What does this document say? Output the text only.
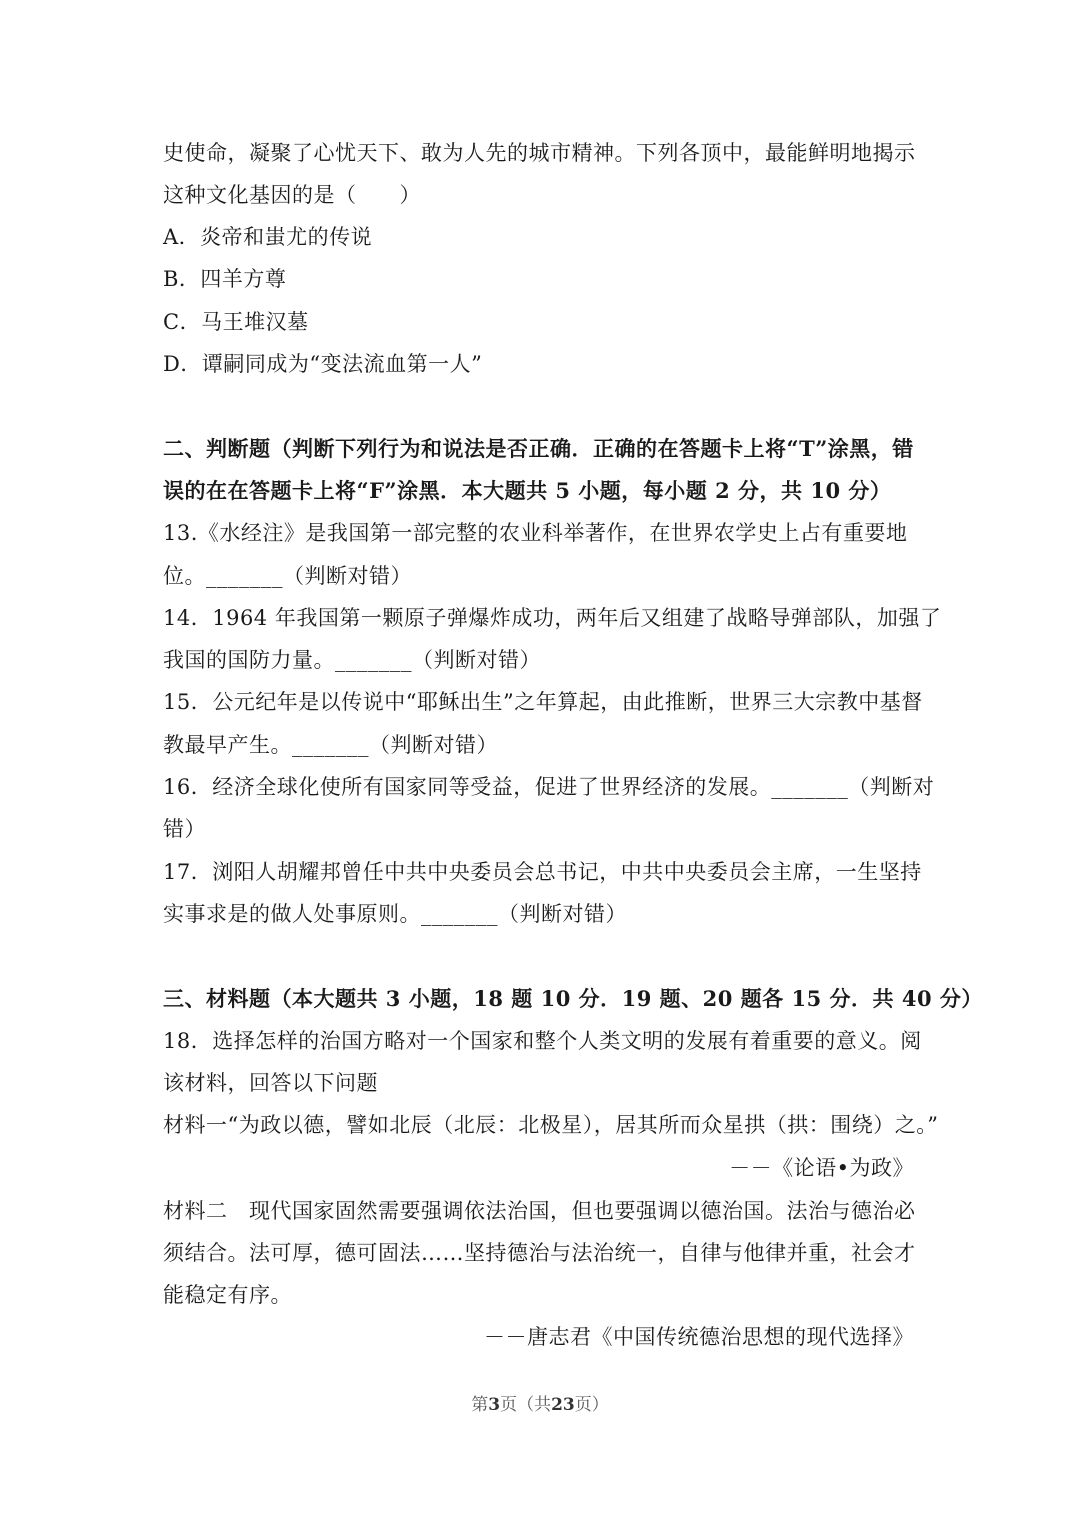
史使命，凝聚了心忧天下、敢为人先的城市精神。下列各顶中，最能鲜明地揭示
这种文化基因的是（　　）
A．炎帝和蚩尤的传说
B．四羊方尊
C．马王堆汉墓
D．谭嗣同成为“变法流血第一人”
二、判断题（判断下列行为和说法是否正确．正确的在答题卡上将“T”涂黑，错
误的在在答题卡上将“F”涂黑．本大题共 5 小题，每小题 2 分，共 10 分）
13.《水经注》是我国第一部完整的农业科举著作，在世界农学史上占有重要地
位。_______（判断对错）
14．1964 年我国第一颗原子弹爆炸成功，两年后又组建了战略导弹部队，加强了
我国的国防力量。_______（判断对错）
15．公元纪年是以传说中“耶稣出生”之年算起，由此推断，世界三大宗教中基督
教最早产生。_______（判断对错）
16．经济全球化使所有国家同等受益，促进了世界经济的发展。_______（判断对
错）
17．浏阳人胡耀邦曾任中共中央委员会总书记，中共中央委员会主席，一生坚持
实事求是的做人处事原则。_______（判断对错）
三、材料题（本大题共 3 小题，18 题 10 分．19 题、20 题各 15 分．共 40 分）
18．选择怎样的治国方略对一个国家和整个人类文明的发展有着重要的意义。阅
该材料，回答以下问题
材料一“为政以德，譬如北辰（北辰：北极星），居其所而众星拱（拱：围绕）之。”
－－《论语•为政》
材料二　现代国家固然需要强调依法治国，但也要强调以德治国。法治与德治必
须结合。法可厚，德可固法……坚持德治与法治统一，自律与他律并重，社会才
能稳定有序。
－－唐志君《中国传统德治思想的现代选择》
第3页（共23页）
